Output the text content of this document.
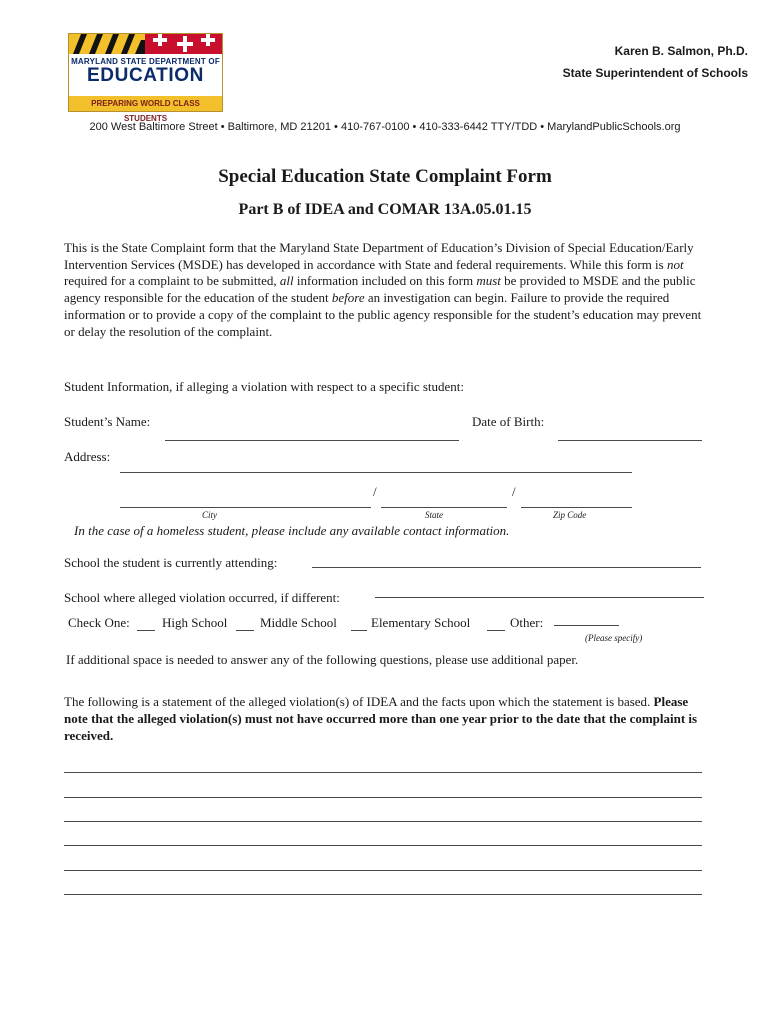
MARYLAND STATE DEPARTMENT OF
EDUCATION
PREPARING WORLD CLASS STUDENTS
Karen B. Salmon, Ph.D.
State Superintendent of Schools
200 West Baltimore Street • Baltimore, MD 21201 • 410-767-0100 • 410-333-6442 TTY/TDD • MarylandPublicSchools.org
Special Education State Complaint Form
Part B of IDEA and COMAR 13A.05.01.15
This is the State Complaint form that the Maryland State Department of Education’s Division of Special Education/Early Intervention Services (MSDE) has developed in accordance with State and federal requirements. While this form is not required for a complaint to be submitted, all information included on this form must be provided to MSDE and the public agency responsible for the education of the student before an investigation can begin. Failure to provide the required information or to provide a copy of the complaint to the public agency responsible for the student’s education may prevent or delay the resolution of the complaint.
Student Information, if alleging a violation with respect to a specific student:
Student’s Name:	Date of Birth:
Address:
/	/
City	State	Zip Code
In the case of a homeless student, please include any available contact information.
School the student is currently attending:
School where alleged violation occurred, if different:
Check One: High School	Middle School	Elementary School	Other:
(Please specify)
If additional space is needed to answer any of the following questions, please use additional paper.
The following is a statement of the alleged violation(s) of IDEA and the facts upon which the statement is based. Please note that the alleged violation(s) must not have occurred more than one year prior to the date that the complaint is received.
